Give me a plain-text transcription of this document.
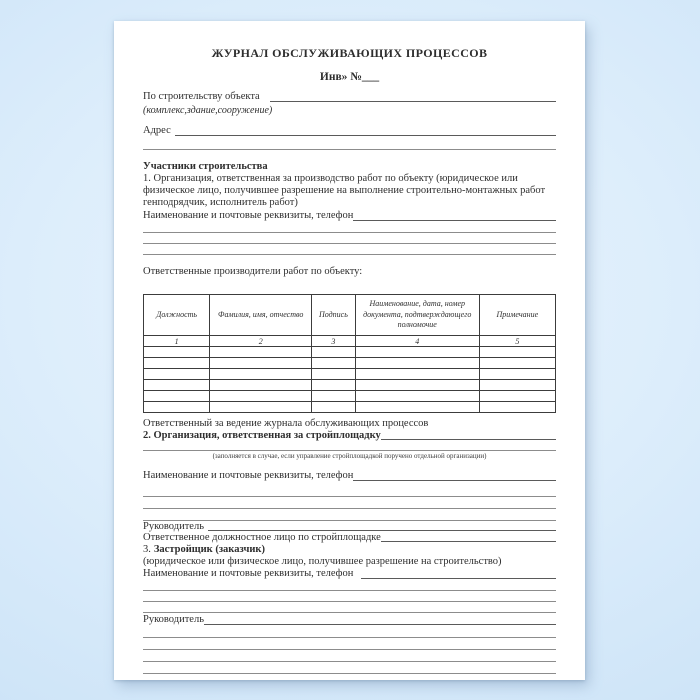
ЖУРНАЛ ОБСЛУЖИВАЮЩИХ ПРОЦЕССОВ
Инв» №___
По строительству объекта
(комплекс,здание,сооружение)
Адрес
Участники строительства

1. Организация, ответственная за производство работ по объекту (юридическое или физическое лицо, получившее разрешение на выполнение строительно-монтажных работ генподрядчик, исполнитель работ)

Наименование и почтовые реквизиты, телефон
Ответственные производители работ по объекту:
Должность	Фамилия, имя, отчество	Подпись	Наименование, дата, номер документа, подтверждающего полномочие	Примечание
1	2	3	4	5

Ответственный за ведение журнала обслуживающих процессов
2. Организация, ответственная за стройплощадку
(заполняется в случае, если управление стройплощадкой поручено отдельной организации)
Наименование и почтовые реквизиты, телефон
Руководитель
Ответственное должностное лицо по стройплощадке
3. Застройщик (заказчик)
(юридическое или физическое лицо, получившее разрешение на строительство)
Наименование и почтовые реквизиты, телефон
Руководитель
